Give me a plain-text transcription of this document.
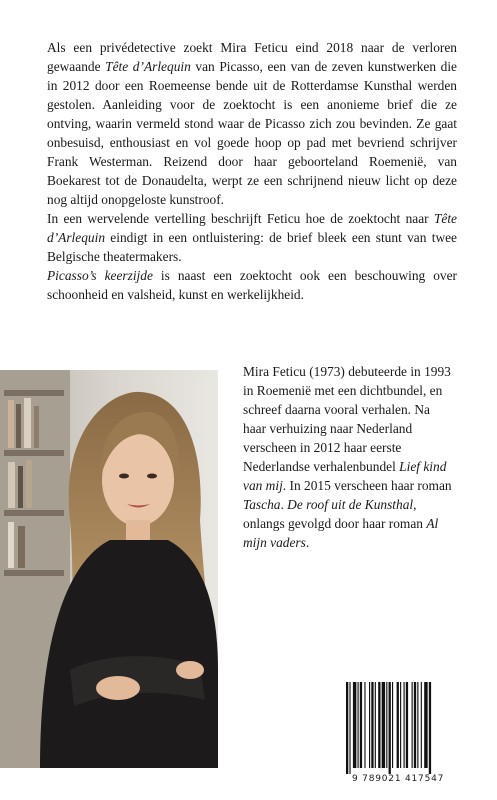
Als een privédetective zoekt Mira Feticu eind 2018 naar de verloren gewaande Tête d’Arlequin van Picasso, een van de zeven kunstwerken die in 2012 door een Roemeense bende uit de Rotterdamse Kunsthal werden gestolen. Aanleiding voor de zoektocht is een anonieme brief die ze ontving, waarin vermeld stond waar de Picasso zich zou bevinden. Ze gaat onbesuisd, enthousiast en vol goede hoop op pad met bevriend schrijver Frank Westerman. Reizend door haar geboorteland Roemenië, van Boekarest tot de Donaudelta, werpt ze een schrijnend nieuw licht op deze nog altijd onopgeloste kunstroof.

In een wervelende vertelling beschrijft Feticu hoe de zoektocht naar Tête d’Arlequin eindigt in een ontluistering: de brief bleek een stunt van twee Belgische theatermakers.

Picasso’s keerzijde is naast een zoektocht ook een beschouwing over schoonheid en valsheid, kunst en werkelijkheid.

Mira Feticu (1973) debuteerde in 1993 in Roemenië met een dichtbundel, en schreef daarna vooral verhalen. Na haar verhuizing naar Nederland verscheen in 2012 haar eerste Nederlandse verhalenbundel Lief kind van mij. In 2015 verscheen haar roman Tascha. De roof uit de Kunsthal, onlangs gevolgd door haar roman Al mijn vaders.
9 789021 417547
